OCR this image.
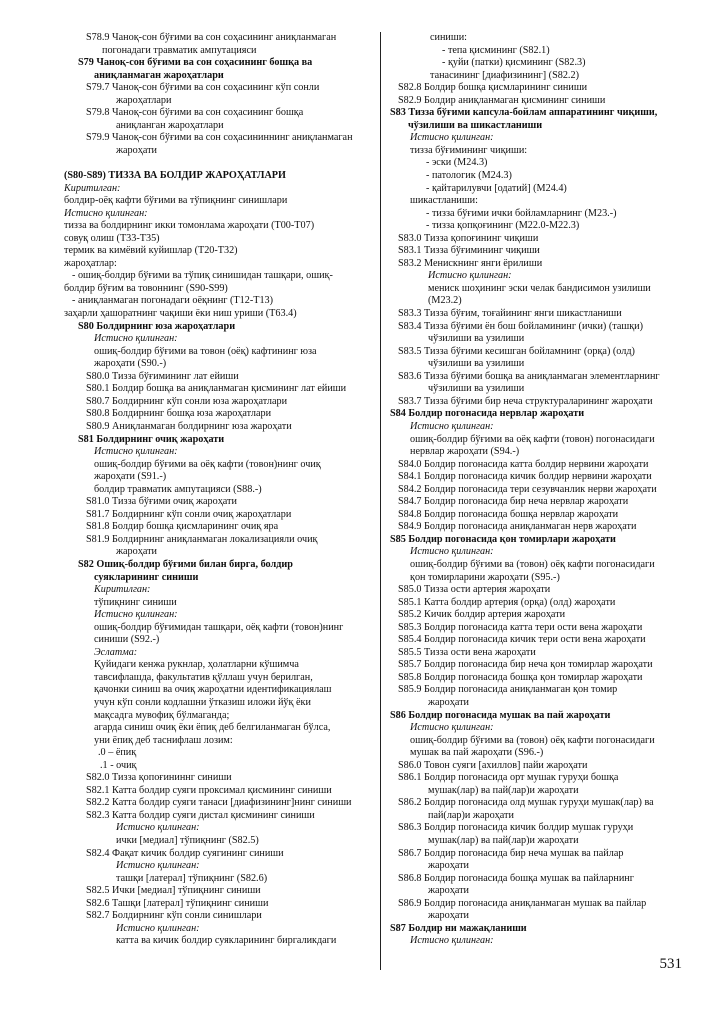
S78.9 Чаноқ-сон бўғими ва сон соҳасининг аниқланмаган
погонадаги травматик ампутацияси
S79 Чаноқ-сон бўғими ва сон соҳасининг бошқа ва
аниқланмаган жароҳатлари
S79.7 Чаноқ-сон бўғими ва сон соҳасининг кўп сонли
жароҳатлари
S79.8 Чаноқ-сон бўғими ва сон соҳасининг бошқа
аниқланган жароҳатлари
S79.9 Чаноқ-сон бўғими ва сон соҳасининнинг аниқланмаган
жароҳати

(S80-S89) ТИЗЗА ВА БОЛДИР ЖАРОҲАТЛАРИ
Киритилган:
болдир-оёқ кафти бўғими ва тўпиқнинг синишлари
Истисно қилинган:
тизза ва болдирнинг икки томонлама жароҳати (Т00-Т07)
совуқ олиш (Т33-Т35)
термик ва кимёвий куйишлар (Т20-Т32)
жароҳатлар:
- ошиқ-болдир бўғими ва тўпиқ синишидан ташқари, ошиқ-
болдир бўғим ва товоннинг (S90-S99)
- аниқланмаган погонадаги оёқнинг (Т12-Т13)
заҳарли ҳашоратнинг чақиши ёки ниш уриши (Т63.4)
S80 Болдирнинг юза жароҳатлари
Истисно қилинган:
ошиқ-болдир бўғими ва товон (оёқ) кафтининг юза
жароҳати (S90.-)
S80.0 Тизза бўғимининг лат ейиши
S80.1 Болдир бошқа ва аниқланмаган қисмининг лат ейиши
S80.7 Болдирнинг кўп сонли юза жароҳатлари
S80.8 Болдирнинг бошқа юза жароҳатлари
S80.9 Аниқланмаган болдирнинг юза жароҳати
S81 Болдирнинг очиқ жароҳати
Истисно қилинган:
ошиқ-болдир бўғими ва оёқ кафти (товон)нинг очиқ
жароҳати (S91.-)
болдир травматик ампутацияси (S88.-)
S81.0 Тизза бўғими очиқ жароҳати
S81.7 Болдирнинг кўп сонли очиқ жароҳатлари
S81.8 Болдир бошқа қисмларининг очиқ яра
S81.9 Болдирнинг аниқланмаган локализацияли очиқ
жароҳати
S82 Ошиқ-болдир бўғими билан бирга, болдир
суякларининг синиши
Киритилган:
тўпиқнинг синиши
Истисно қилинган:
ошиқ-болдир бўғимидан ташқари, оёқ кафти (товон)нинг
синиши (S92.-)
Эслатма:
Қуйидаги кенжа рукнлар, ҳолатларни кўшимча
тавсифлашда, факультатив қўллаш учун берилган,
қачонки синиш ва очиқ жароҳатни идентификациялаш
учун кўп сонли кодлашни ўтказиш иложи йўқ ёки
мақсадга мувофиқ бўлмаганда;
агарда синиш очиқ ёки ёпиқ деб белгиланмаган бўлса,
уни ёпиқ деб таснифлаш лозим:
.0 – ёпиқ
.1 - очиқ
S82.0 Тизза қопоғининнг синиши
S82.1 Катта болдир суяги проксимал қисмининг синиши
S82.2 Катта болдир суяги танаси [диафизининг]нинг синиши
S82.3 Катта болдир суяги дистал қисмининг синиши
Истисно қилинган:
ички [медиал] тўпиқнинг (S82.5)
S82.4 Фақат кичик болдир суягининг синиши
Истисно қилинган:
ташқи [латерал] тўпиқнинг (S82.6)
S82.5 Ички [медиал] тўпиқнинг синиши
S82.6 Ташқи [латерал] тўпиқнинг синиши
S82.7 Болдирнинг кўп сонли синишлари
Истисно қилинган:
катта ва кичик болдир суякларининг биргаликдаги
синиши:
- тепа қисмининг (S82.1)
- қуйи (патки) қисмининг (S82.3)
танасининг [диафизининг] (S82.2)
S82.8 Болдир бошқа қисмларининг синиши
S82.9 Болдир аниқланмаган қисмининг синиши
S83 Тизза бўғими капсула-бойлам аппаратининг чиқиши,
чўзилиши ва шикастланиши
Истисно қилинган:
тизза бўғимининг чиқиши:
- эски (М24.3)
- патологик (М24.3)
- қайтарилувчи [одатий] (М24.4)
шикастланиши:
- тизза бўғими ички бойламларнинг (М23.-)
- тизза қопқоғининг (М22.0-М22.3)
S83.0 Тизза қопоғининг чиқиши
S83.1 Тизза бўғимининг чиқиши
S83.2 Менискнинг янги ёрилиши
Истисно қилинган:
мениск шоҳининг эски челак бандисимон узилиши
(М23.2)
S83.3 Тизза бўғим, тоғайининг янги шикастланиши
S83.4 Тизза бўғими ён бош бойламининг (ички) (ташқи)
чўзилиши ва узилиши
S83.5 Тизза бўғими кесишган бойламнинг (орқа) (олд)
чўзилиши ва узилиши
S83.6 Тизза бўғими бошқа ва аниқланмаган элементларнинг
чўзилиши ва узилиши
S83.7 Тизза бўғими бир неча структураларининг жароҳати
S84 Болдир погонасида нервлар жароҳати
Истисно қилинган:
ошиқ-болдир бўғими ва оёқ кафти (товон) погонасидаги
нервлар жароҳати (S94.-)
S84.0 Болдир погонасида катта болдир нервини жароҳати
S84.1 Болдир погонасида кичик болдир нервини жароҳати
S84.2 Болдир погонасида тери сезувчанлик нерви жароҳати
S84.7 Болдир погонасида бир неча нервлар жароҳати
S84.8 Болдир погонасида бошқа нервлар жароҳати
S84.9 Болдир погонасида аниқланмаган нерв жароҳати
S85 Болдир погонасида қон томирлари жароҳати
Истисно қилинган:
ошиқ-болдир бўғими ва (товон) оёқ кафти погонасидаги
қон томирларини жароҳати (S95.-)
S85.0 Тизза ости артерия жароҳати
S85.1 Катта болдир артерия (орқа) (олд) жароҳати
S85.2 Кичик болдир артерия жароҳати
S85.3 Болдир погонасида катта тери ости вена жароҳати
S85.4 Болдир погонасида кичик тери ости вена жароҳати
S85.5 Тизза ости вена жароҳати
S85.7 Болдир погонасида бир неча қон томирлар жароҳати
S85.8 Болдир погонасида бошқа қон томирлар жароҳати
S85.9 Болдир погонасида аниқланмаган қон томир
жароҳати
S86 Болдир погонасида мушак ва пай жароҳати
Истисно қилинган:
ошиқ-болдир бўғими ва (товон) оёқ кафти погонасидаги
мушак ва пай жароҳати (S96.-)
S86.0 Товон суяги [ахиллов] пайи жароҳати
S86.1 Болдир погонасида орт мушак гуруҳи бошқа
мушак(лар) ва пай(лар)и жароҳати
S86.2 Болдир погонасида олд мушак гуруҳи мушак(лар) ва
пай(лар)и жароҳати
S86.3 Болдир погонасида кичик болдир мушак гуруҳи
мушак(лар) ва пай(лар)и жароҳати
S86.7 Болдир погонасида бир неча мушак ва пайлар
жароҳати
S86.8 Болдир погонасида бошқа мушак ва пайларнинг
жароҳати
S86.9 Болдир погонасида аниқланмаган мушак ва пайлар
жароҳати
S87 Болдир ни мажақланиши
Истисно қилинган:
531
